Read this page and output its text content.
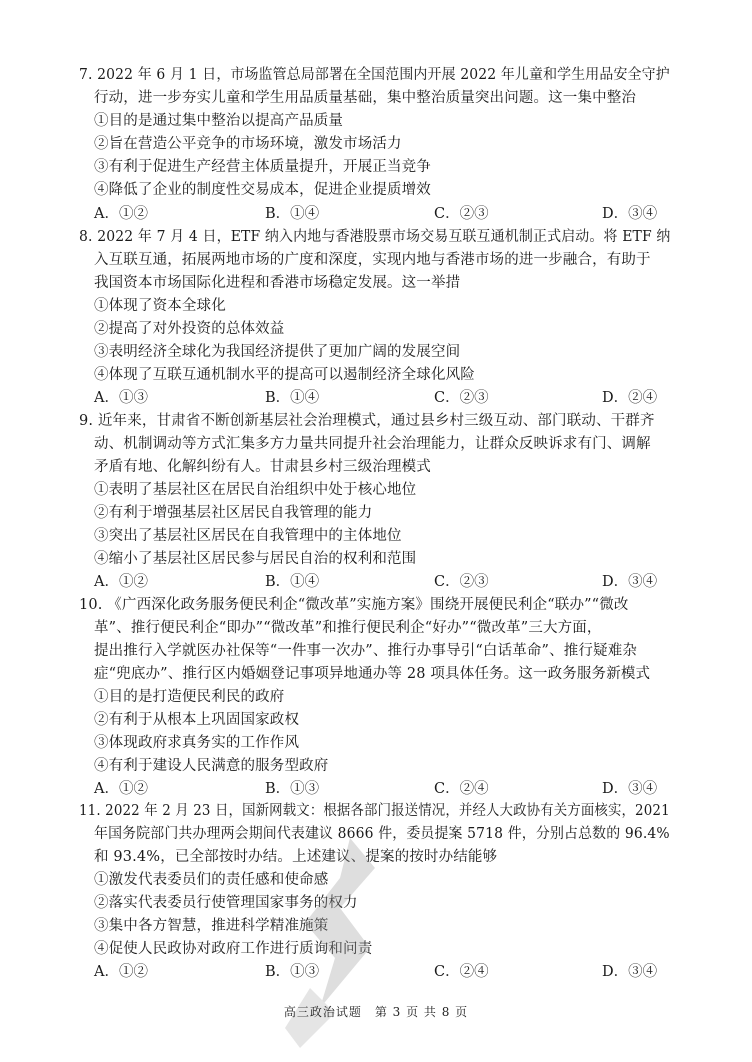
7. 2022 年 6 月 1 日，市场监管总局部署在全国范围内开展 2022 年儿童和学生用品安全守护
行动，进一步夯实儿童和学生用品质量基础，集中整治质量突出问题。这一集中整治
①目的是通过集中整治以提高产品质量
②旨在营造公平竞争的市场环境，激发市场活力
③有利于促进生产经营主体质量提升，开展正当竞争
④降低了企业的制度性交易成本，促进企业提质增效
A．①②	B．①④	C．②③	D．③④
8. 2022 年 7 月 4 日，ETF 纳入内地与香港股票市场交易互联互通机制正式启动。将 ETF 纳
入互联互通，拓展两地市场的广度和深度，实现内地与香港市场的进一步融合，有助于
我国资本市场国际化进程和香港市场稳定发展。这一举措
①体现了资本全球化
②提高了对外投资的总体效益
③表明经济全球化为我国经济提供了更加广阔的发展空间
④体现了互联互通机制水平的提高可以遏制经济全球化风险
A．①③	B．①④	C．②③	D．②④
9. 近年来，甘肃省不断创新基层社会治理模式，通过县乡村三级互动、部门联动、干群齐
动、机制调动等方式汇集多方力量共同提升社会治理能力，让群众反映诉求有门、调解
矛盾有地、化解纠纷有人。甘肃县乡村三级治理模式
①表明了基层社区在居民自治组织中处于核心地位
②有利于增强基层社区居民自我管理的能力
③突出了基层社区居民在自我管理中的主体地位
④缩小了基层社区居民参与居民自治的权利和范围
A．①②	B．①④	C．②③	D．③④
10. 《广西深化政务服务便民利企“微改革”实施方案》围绕开展便民利企“联办”“微改
革”、推行便民利企“即办”“微改革”和推行便民利企“好办”“微改革”三大方面，
提出推行入学就医办社保等“一件事一次办”、推行办事导引“白话革命”、推行疑难杂
症“兜底办”、推行区内婚姻登记事项异地通办等 28 项具体任务。这一政务服务新模式
①目的是打造便民利民的政府
②有利于从根本上巩固国家政权
③体现政府求真务实的工作作风
④有利于建设人民满意的服务型政府
A．①②	B．①③	C．②④	D．③④
11. 2022 年 2 月 23 日，国新网载文：根据各部门报送情况，并经人大政协有关方面核实，2021
年国务院部门共办理两会期间代表建议 8666 件，委员提案 5718 件，分别占总数的 96.4%
和 93.4%，已全部按时办结。上述建议、提案的按时办结能够
①激发代表委员们的责任感和使命感
②落实代表委员行使管理国家事务的权力
③集中各方智慧，推进科学精准施策
④促使人民政协对政府工作进行质询和问责
A．①②	B．①③	C．②④	D．③④
高三政治试题　第 3 页 共 8 页
